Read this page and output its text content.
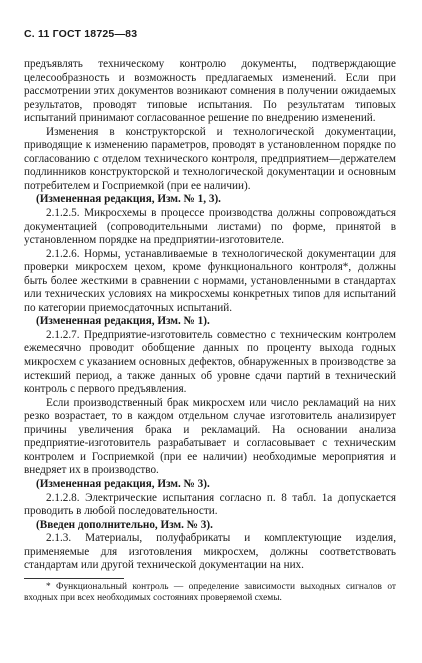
С. 11 ГОСТ 18725—83

предъявлять техническому контролю документы, подтверждающие целесообразность и возможность предлагаемых изменений. Если при рассмотрении этих документов возникают сомнения в получении ожидаемых результатов, проводят типовые испытания. По результатам типовых испытаний принимают согласованное решение по внедрению изменений.

Изменения в конструкторской и технологической документации, приводящие к изменению параметров, проводят в установленном порядке по согласованию с отделом технического контроля, предприятием—держателем подлинников конструкторской и технологической документации и основным потребителем и Госприемкой (при ее наличии).

(Измененная редакция, Изм. № 1, 3).

2.1.2.5. Микросхемы в процессе производства должны сопровождаться документацией (сопроводительными листами) по форме, принятой в установленном порядке на предприятии-изготовителе.

2.1.2.6. Нормы, устанавливаемые в технологической документации для проверки микросхем цехом, кроме функционального контроля*, должны быть более жесткими в сравнении с нормами, установленными в стандартах или технических условиях на микросхемы конкретных типов для испытаний по категории приемосдаточных испытаний.

(Измененная редакция, Изм. № 1).

2.1.2.7. Предприятие-изготовитель совместно с техническим контролем ежемесячно проводит обобщение данных по проценту выхода годных микросхем с указанием основных дефектов, обнаруженных в производстве за истекший период, а также данных об уровне сдачи партий в технический контроль с первого предъявления.

Если производственный брак микросхем или число рекламаций на них резко возрастает, то в каждом отдельном случае изготовитель анализирует причины увеличения брака и рекламаций. На основании анализа предприятие-изготовитель разрабатывает и согласовывает с техническим контролем и Госприемкой (при ее наличии) необходимые мероприятия и внедряет их в производство.

(Измененная редакция, Изм. № 3).

2.1.2.8. Электрические испытания согласно п. 8 табл. 1а допускается проводить в любой последовательности.

(Введен дополнительно, Изм. № 3).

2.1.3. Материалы, полуфабрикаты и комплектующие изделия, применяемые для изготовления микросхем, должны соответствовать стандартам или другой технической документации на них.

* Функциональный контроль — определение зависимости выходных сигналов от входных при всех необходимых состояниях проверяемой схемы.
